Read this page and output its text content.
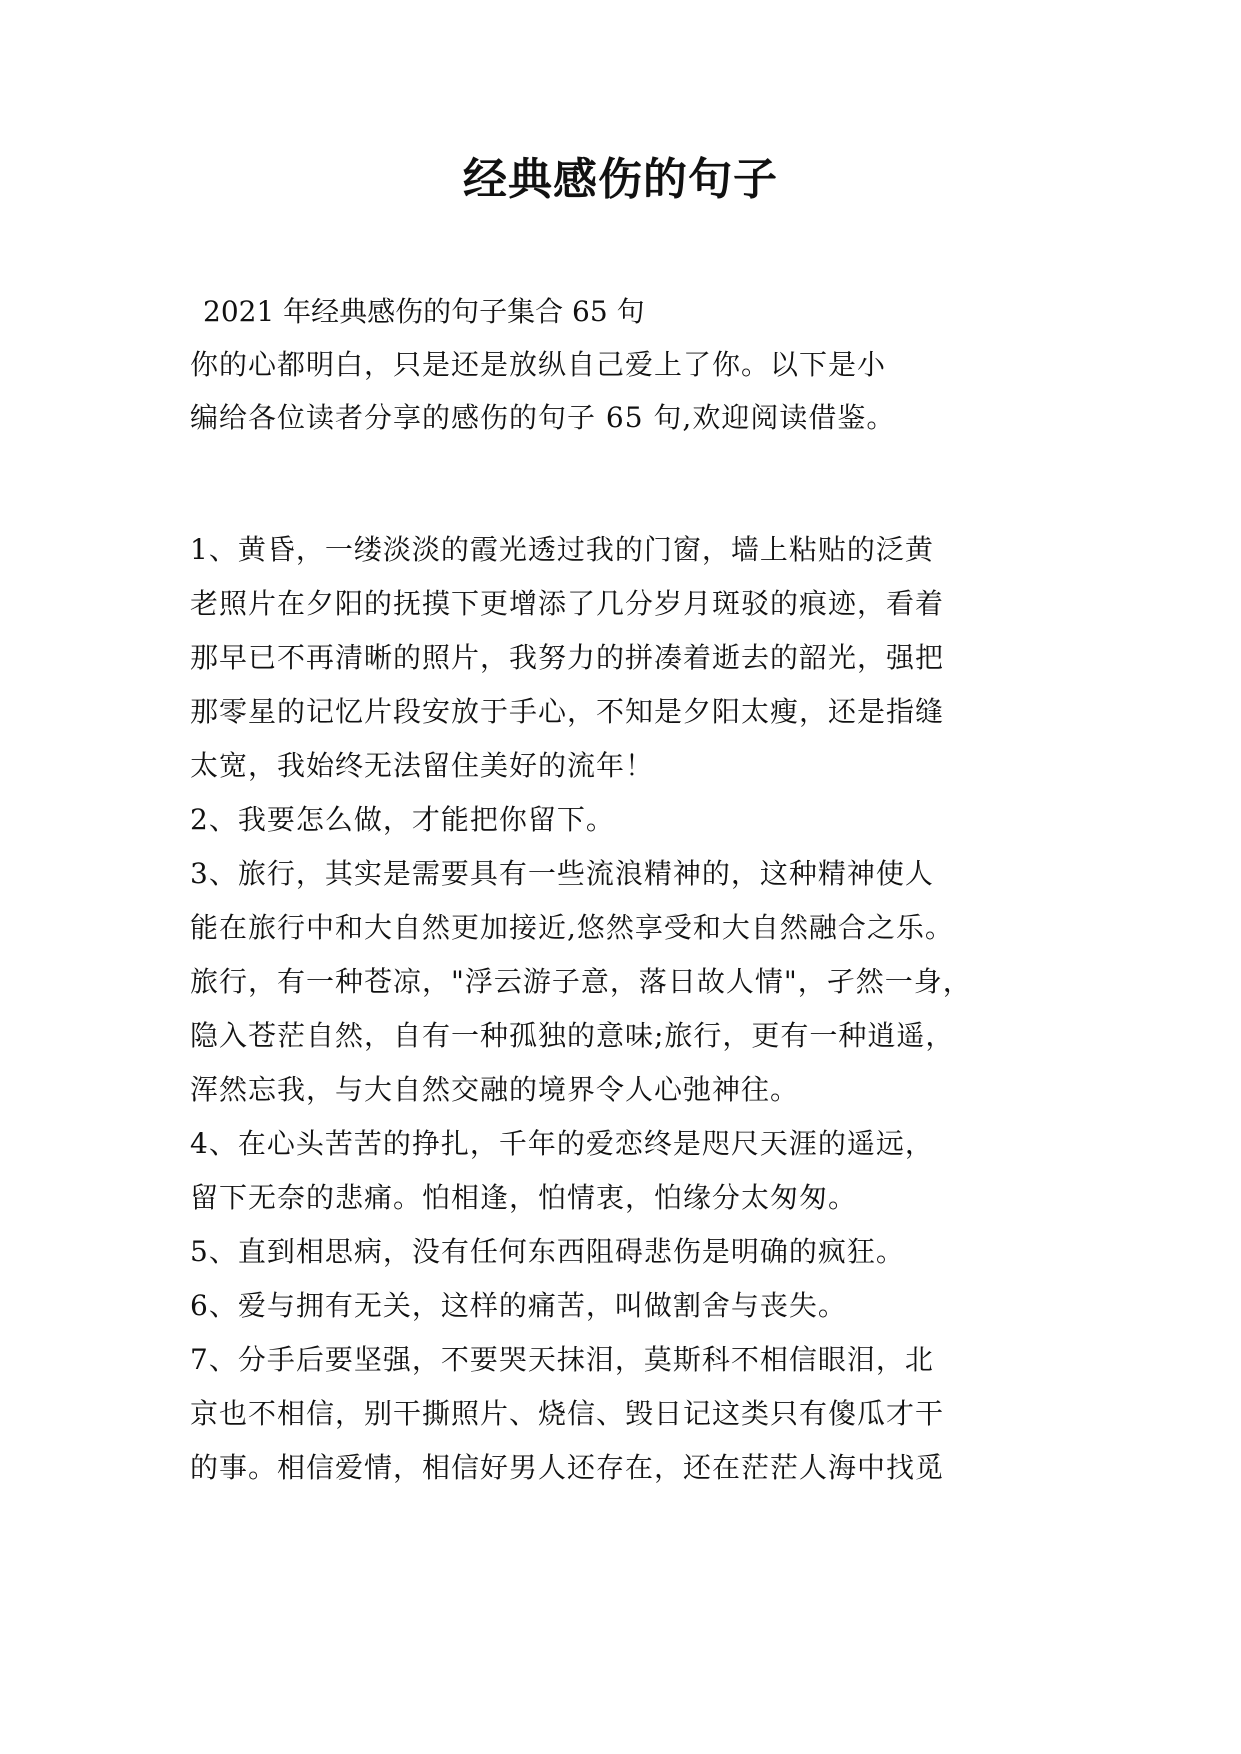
经典感伤的句子

2021 年经典感伤的句子集合 65 句

你的心都明白，只是还是放纵自己爱上了你。以下是小

编给各位读者分享的感伤的句子 65 句,欢迎阅读借鉴。

1、黄昏，一缕淡淡的霞光透过我的门窗，墙上粘贴的泛黄

老照片在夕阳的抚摸下更增添了几分岁月斑驳的痕迹，看着

那早已不再清晰的照片，我努力的拼凑着逝去的韶光，强把

那零星的记忆片段安放于手心，不知是夕阳太瘦，还是指缝

太宽，我始终无法留住美好的流年！

2、我要怎么做，才能把你留下。

3、旅行，其实是需要具有一些流浪精神的，这种精神使人

能在旅行中和大自然更加接近,悠然享受和大自然融合之乐。

旅行，有一种苍凉，"浮云游子意，落日故人情"，孑然一身，

隐入苍茫自然，自有一种孤独的意味;旅行，更有一种逍遥，

浑然忘我，与大自然交融的境界令人心弛神往。

4、在心头苦苦的挣扎，千年的爱恋终是咫尺天涯的遥远，

留下无奈的悲痛。怕相逢，怕情衷，怕缘分太匆匆。

5、直到相思病，没有任何东西阻碍悲伤是明确的疯狂。

6、爱与拥有无关，这样的痛苦，叫做割舍与丧失。

7、分手后要坚强，不要哭天抹泪，莫斯科不相信眼泪，北

京也不相信，别干撕照片、烧信、毁日记这类只有傻瓜才干

的事。相信爱情，相信好男人还存在，还在茫茫人海中找觅
